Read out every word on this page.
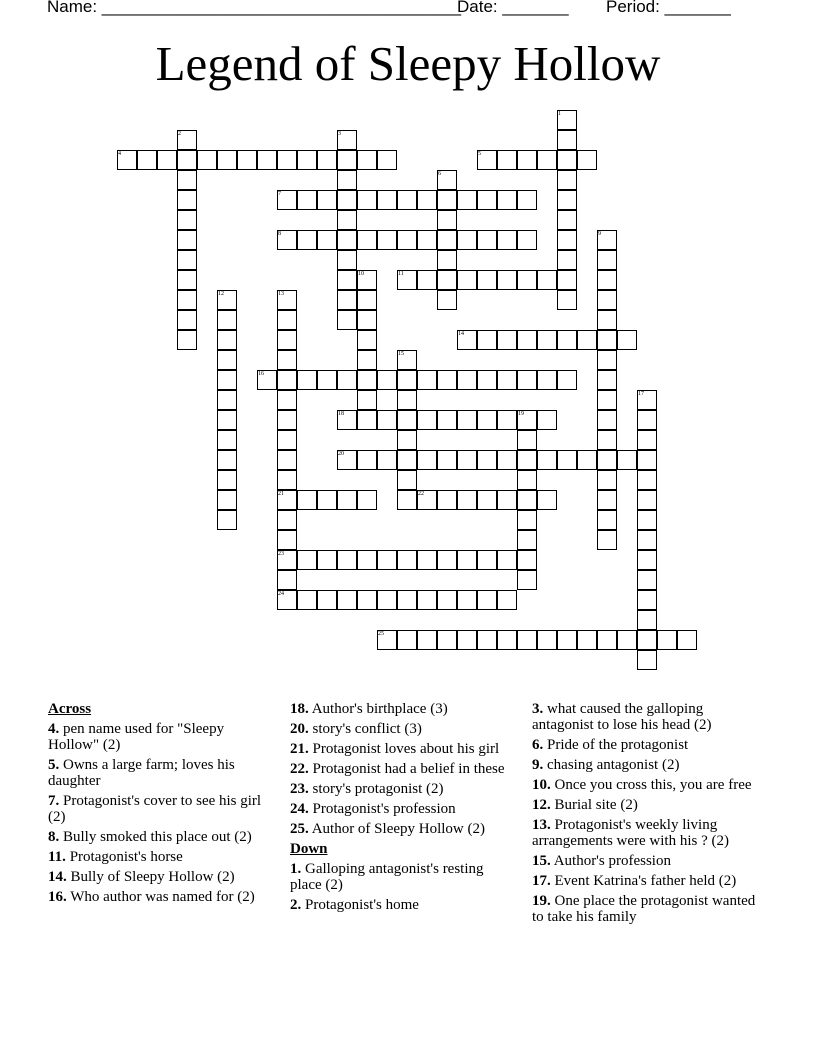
Name: ______________________________________

Date: _______

Period: _______

Legend of Sleepy Hollow
1
2	3
4	5
6
7
8	9
10	11
12	13
14
15
16
17
18	19
20
21	22
23
24
25
Across
4. pen name used for "Sleepy Hollow" (2)
5. Owns a large farm; loves his daughter
7. Protagonist's cover to see his girl (2)
8. Bully smoked this place out (2)
11. Protagonist's horse
14. Bully of Sleepy Hollow (2)
16. Who author was named for (2)
18. Author's birthplace (3)
20. story's conflict (3)
21. Protagonist loves about his girl
22. Protagonist had a belief in these
23. story's protagonist (2)
24. Protagonist's profession
25. Author of Sleepy Hollow (2)
Down
1. Galloping antagonist's resting place (2)
2. Protagonist's home
3. what caused the galloping antagonist to lose his head (2)
6. Pride of the protagonist
9. chasing antagonist (2)
10. Once you cross this, you are free
12. Burial site (2)
13. Protagonist's weekly living arrangements were with his ? (2)
15. Author's profession
17. Event Katrina's father held (2)
19. One place the protagonist wanted to take his family
